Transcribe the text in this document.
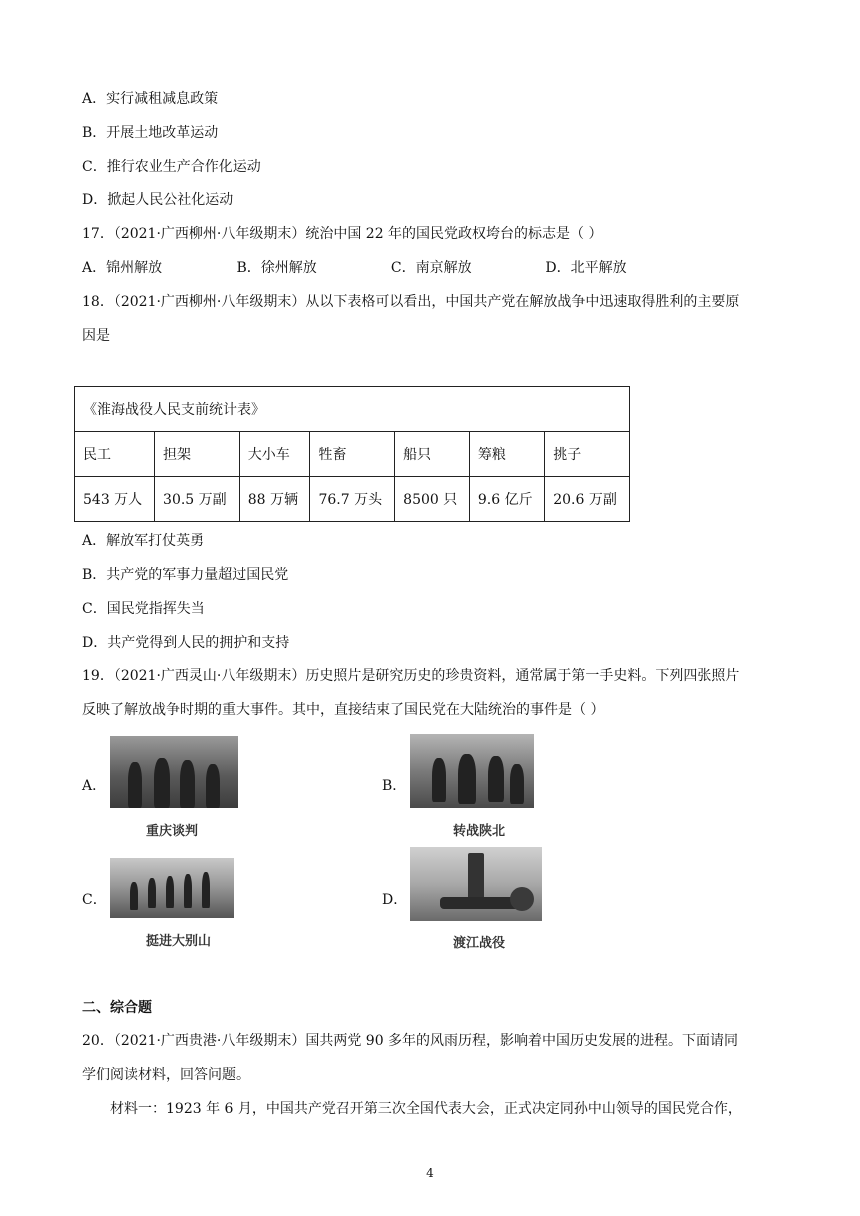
A．实行减租减息政策
B．开展土地改革运动
C．推行农业生产合作化运动
D．掀起人民公社化运动
17．（2021·广西柳州·八年级期末）统治中国 22 年的国民党政权垮台的标志是（ ）
A．锦州解放	B．徐州解放	C．南京解放	D．北平解放
18．（2021·广西柳州·八年级期末）从以下表格可以看出，中国共产党在解放战争中迅速取得胜利的主要原
因是
《淮海战役人民支前统计表》						
民工	担架	大小车	牲畜	船只	筹粮	挑子
543 万人	30.5 万副	88 万辆	76.7 万头	8500 只	9.6 亿斤	20.6 万副
A．解放军打仗英勇
B．共产党的军事力量超过国民党
C．国民党指挥失当
D．共产党得到人民的拥护和支持
19．（2021·广西灵山·八年级期末）历史照片是研究历史的珍贵资料，通常属于第一手史料。下列四张照片
反映了解放战争时期的重大事件。其中，直接结束了国民党在大陆统治的事件是（ ）
A．
重庆谈判
B．
转战陕北
C．
挺进大别山
D．
渡江战役
二、综合题
20．（2021·广西贵港·八年级期末）国共两党 90 多年的风雨历程，影响着中国历史发展的进程。下面请同
学们阅读材料，回答问题。
材料一：1923 年 6 月，中国共产党召开第三次全国代表大会，正式决定同孙中山领导的国民党合作，
4
